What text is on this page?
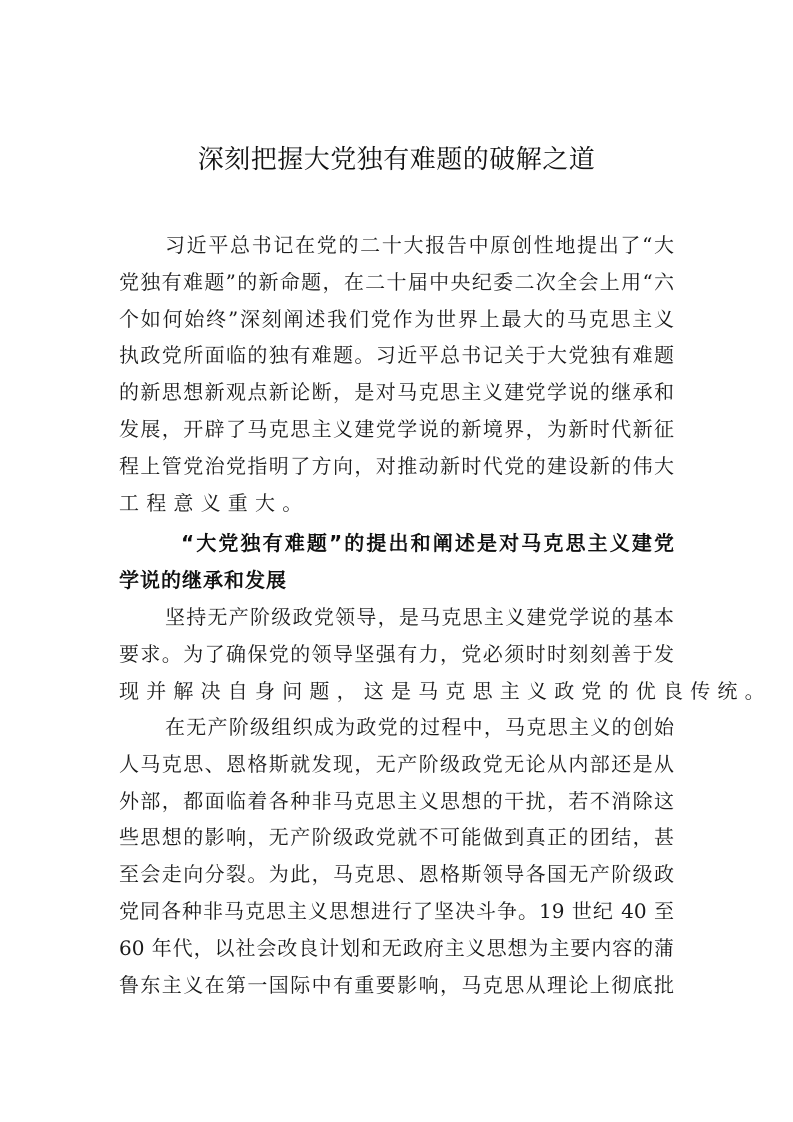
深刻把握大党独有难题的破解之道
习近平总书记在党的二十大报告中原创性地提出了“大
党独有难题”的新命题，在二十届中央纪委二次全会上用“六
个如何始终”深刻阐述我们党作为世界上最大的马克思主义
执政党所面临的独有难题。习近平总书记关于大党独有难题
的新思想新观点新论断，是对马克思主义建党学说的继承和
发展，开辟了马克思主义建党学说的新境界，为新时代新征
程上管党治党指明了方向，对推动新时代党的建设新的伟大
工程意义重大。
“大党独有难题”的提出和阐述是对马克思主义建党
学说的继承和发展
坚持无产阶级政党领导，是马克思主义建党学说的基本
要求。为了确保党的领导坚强有力，党必须时时刻刻善于发
现并解决自身问题，这是马克思主义政党的优良传统。
在无产阶级组织成为政党的过程中，马克思主义的创始
人马克思、恩格斯就发现，无产阶级政党无论从内部还是从
外部，都面临着各种非马克思主义思想的干扰，若不消除这
些思想的影响，无产阶级政党就不可能做到真正的团结，甚
至会走向分裂。为此，马克思、恩格斯领导各国无产阶级政
党同各种非马克思主义思想进行了坚决斗争。19 世纪 40 至
60 年代，以社会改良计划和无政府主义思想为主要内容的蒲
鲁东主义在第一国际中有重要影响，马克思从理论上彻底批
